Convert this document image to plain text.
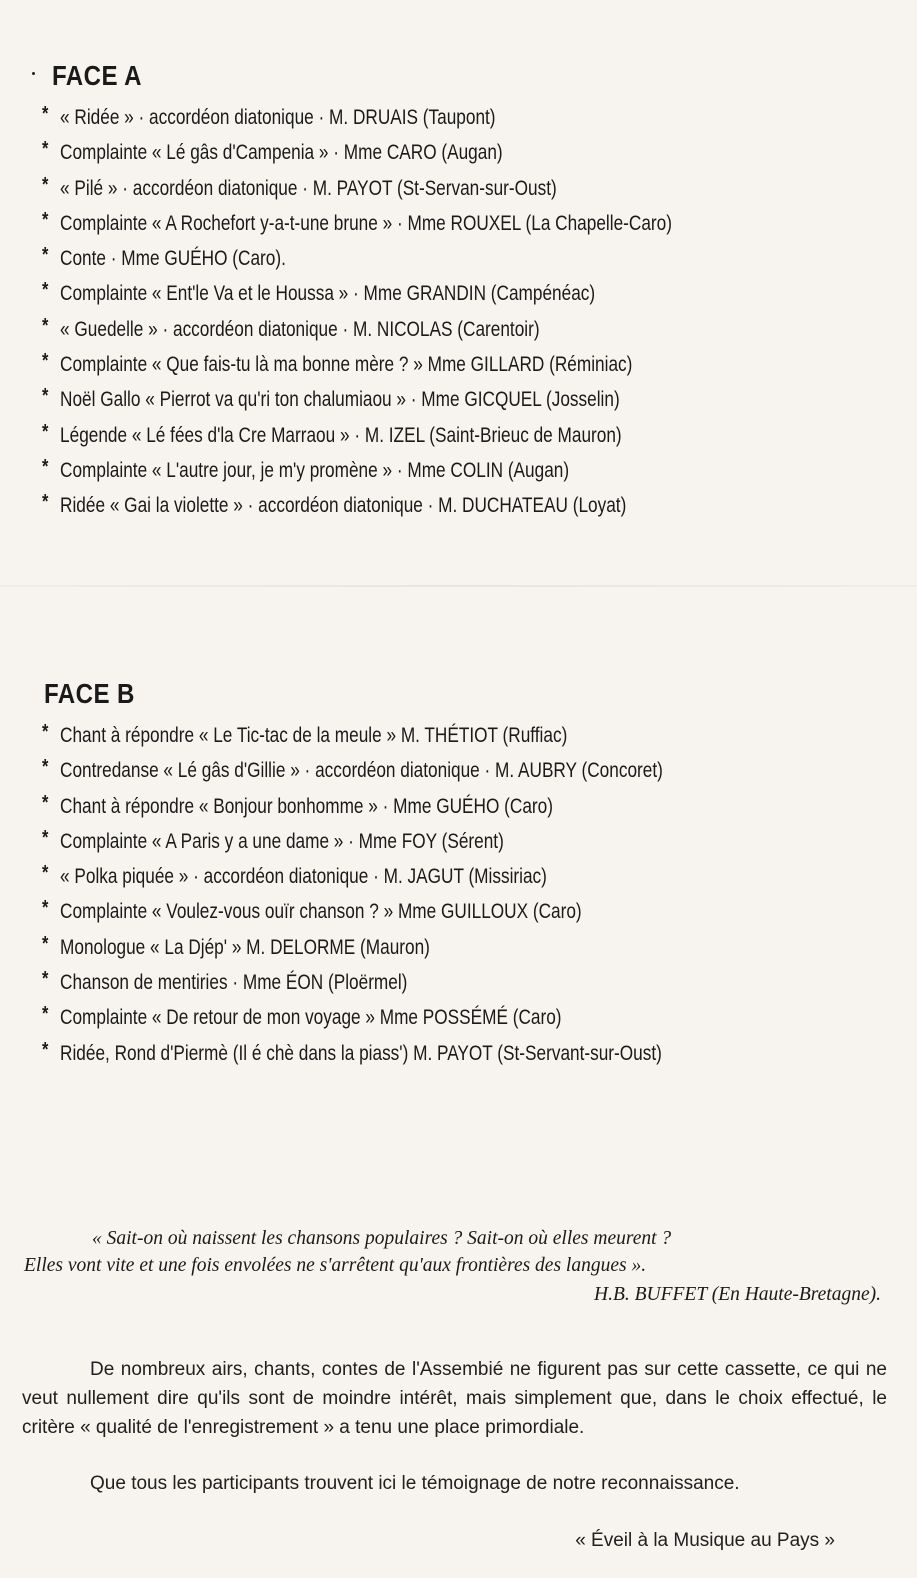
FACE A
* « Ridée » · accordéon diatonique · M. DRUAIS (Taupont)
* Complainte « Lé gâs d'Campenia » · Mme CARO (Augan)
* « Pilé » · accordéon diatonique · M. PAYOT (St-Servan-sur-Oust)
* Complainte « A Rochefort y-a-t-une brune » · Mme ROUXEL (La Chapelle-Caro)
* Conte · Mme GUÉHO (Caro).
* Complainte « Ent'le Va et le Houssa » · Mme GRANDIN (Campénéac)
* « Guedelle » · accordéon diatonique · M. NICOLAS (Carentoir)
* Complainte « Que fais-tu là ma bonne mère ? » Mme GILLARD (Réminiac)
* Noël Gallo « Pierrot va qu'ri ton chalumiaou » · Mme GICQUEL (Josselin)
* Légende « Lé fées d'la Cre Marraou » · M. IZEL (Saint-Brieuc de Mauron)
* Complainte « L'autre jour, je m'y promène » · Mme COLIN (Augan)
* Ridée « Gai la violette » · accordéon diatonique · M. DUCHATEAU (Loyat)
FACE B
* Chant à répondre « Le Tic-tac de la meule » M. THÉTIOT (Ruffiac)
* Contredanse « Lé gâs d'Gillie » · accordéon diatonique · M. AUBRY (Concoret)
* Chant à répondre « Bonjour bonhomme » · Mme GUÉHO (Caro)
* Complainte « A Paris y a une dame » · Mme FOY (Sérent)
* « Polka piquée » · accordéon diatonique · M. JAGUT (Missiriac)
* Complainte « Voulez-vous ouïr chanson ? » Mme GUILLOUX (Caro)
* Monologue « La Djép' » M. DELORME (Mauron)
* Chanson de mentiries · Mme ÉON (Ploërmel)
* Complainte « De retour de mon voyage » Mme POSSÉMÉ (Caro)
* Ridée, Rond d'Piermè (Il é chè dans la piass') M. PAYOT (St-Servant-sur-Oust)
« Sait-on où naissent les chansons populaires ? Sait-on où elles meurent ?
Elles vont vite et une fois envolées ne s'arrêtent qu'aux frontières des langues ».
H.B. BUFFET (En Haute-Bretagne).

De nombreux airs, chants, contes de l'Assembié ne figurent pas sur cette cassette, ce qui ne veut nullement dire qu'ils sont de moindre intérêt, mais simplement que, dans le choix effectué, le critère « qualité de l'enregistrement » a tenu une place primordiale.

Que tous les participants trouvent ici le témoignage de notre reconnaissance.
« Éveil à la Musique au Pays »
